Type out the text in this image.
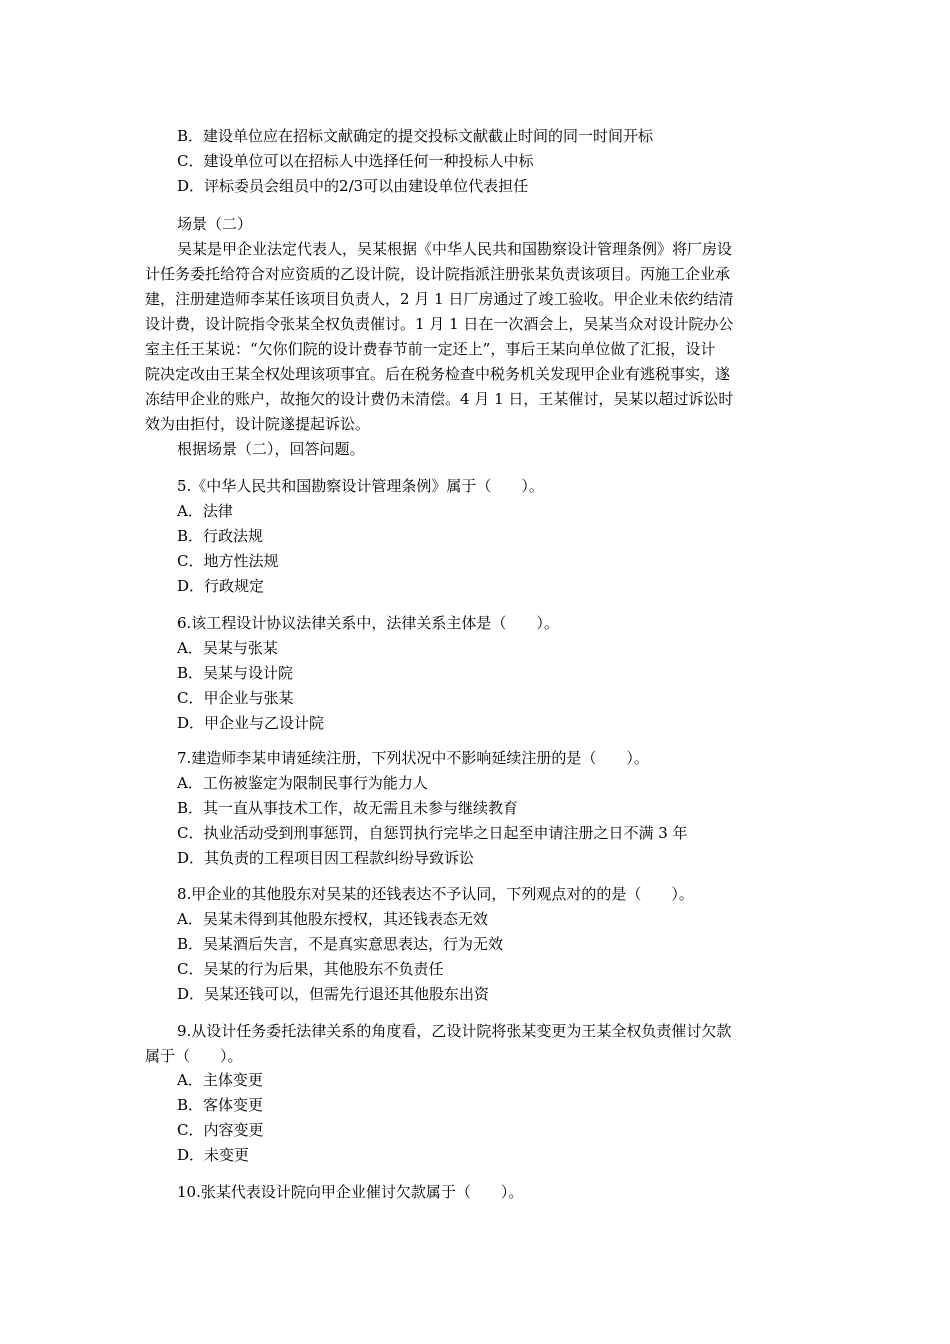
B．建设单位应在招标文献确定的提交投标文献截止时间的同一时间开标
C．建设单位可以在招标人中选择任何一种投标人中标
D．评标委员会组员中的2/3可以由建设单位代表担任
场景（二）
吴某是甲企业法定代表人，吴某根据《中华人民共和国勘察设计管理条例》将厂房设
计任务委托给符合对应资质的乙设计院，设计院指派注册张某负责该项目。丙施工企业承
建，注册建造师李某任该项目负责人，2 月 1 日厂房通过了竣工验收。甲企业未依约结清
设计费，设计院指令张某全权负责催讨。1 月 1 日在一次酒会上，吴某当众对设计院办公
室主任王某说：“欠你们院的设计费春节前一定还上”，事后王某向单位做了汇报，设计
院决定改由王某全权处理该项事宜。后在税务检查中税务机关发现甲企业有逃税事实，遂
冻结甲企业的账户，故拖欠的设计费仍未清偿。4 月 1 日，王某催讨，吴某以超过诉讼时
效为由拒付，设计院遂提起诉讼。
根据场景（二），回答问题。
5.《中华人民共和国勘察设计管理条例》属于（　　）。
A．法律
B．行政法规
C．地方性法规
D．行政规定
6.该工程设计协议法律关系中，法律关系主体是（　　）。
A．吴某与张某
B．吴某与设计院
C．甲企业与张某
D．甲企业与乙设计院
7.建造师李某申请延续注册，下列状况中不影响延续注册的是（　　）。
A．工伤被鉴定为限制民事行为能力人
B．其一直从事技术工作，故无需且未参与继续教育
C．执业活动受到刑事惩罚，自惩罚执行完毕之日起至申请注册之日不满 3 年
D．其负责的工程项目因工程款纠纷导致诉讼
8.甲企业的其他股东对吴某的还钱表达不予认同，下列观点对的的是（　　）。
A．吴某未得到其他股东授权，其还钱表态无效
B．吴某酒后失言，不是真实意思表达，行为无效
C．吴某的行为后果，其他股东不负责任
D．吴某还钱可以，但需先行退还其他股东出资
9.从设计任务委托法律关系的角度看，乙设计院将张某变更为王某全权负责催讨欠款
属于（　　）。
A．主体变更
B．客体变更
C．内容变更
D．未变更
10.张某代表设计院向甲企业催讨欠款属于（　　）。
